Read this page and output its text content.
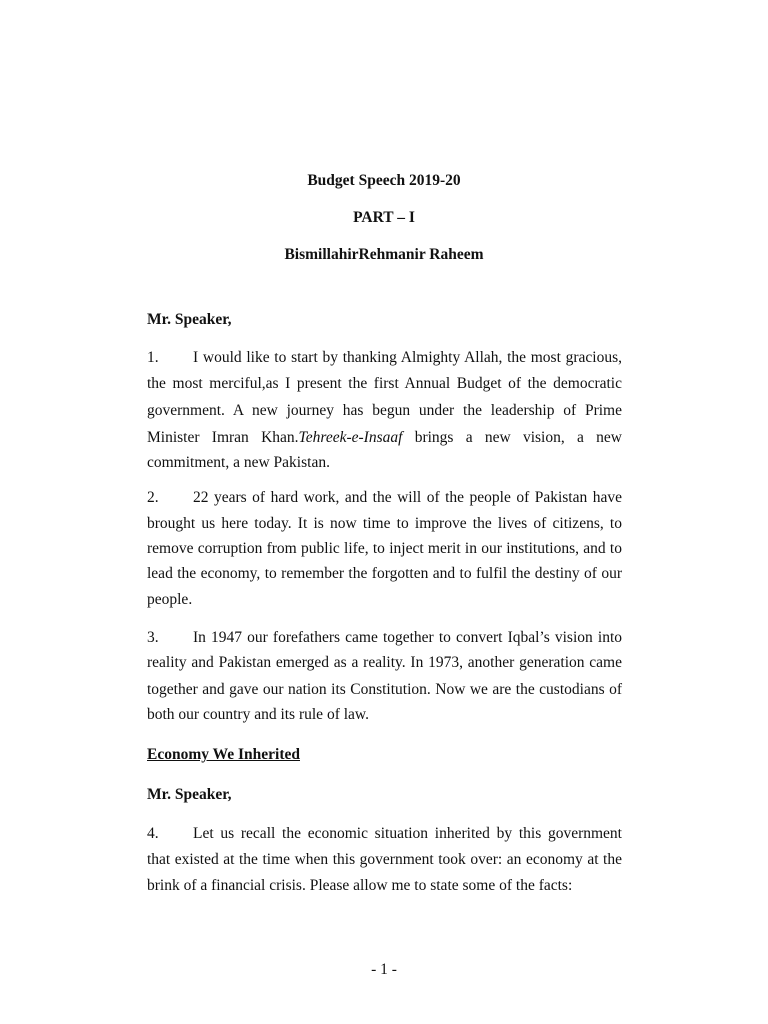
Budget Speech 2019-20
PART – I
BismillahirRehmanir Raheem
Mr. Speaker,
1. I would like to start by thanking Almighty Allah, the most gracious,
the most merciful,as I present the first Annual Budget of the democratic
government. A new journey has begun under the leadership of Prime
Minister Imran Khan.Tehreek-e-Insaaf brings a new vision, a new
commitment, a new Pakistan.
2. 22 years of hard work, and the will of the people of Pakistan have
brought us here today. It is now time to improve the lives of citizens, to
remove corruption from public life, to inject merit in our institutions, and to
lead the economy, to remember the forgotten and to fulfil the destiny of our
people.
3. In 1947 our forefathers came together to convert Iqbal’s vision into
reality and Pakistan emerged as a reality. In 1973, another generation came
together and gave our nation its Constitution. Now we are the custodians of
both our country and its rule of law.
Economy We Inherited
Mr. Speaker,
4. Let us recall the economic situation inherited by this government
that existed at the time when this government took over: an economy at the
brink of a financial crisis. Please allow me to state some of the facts:
- 1 -
